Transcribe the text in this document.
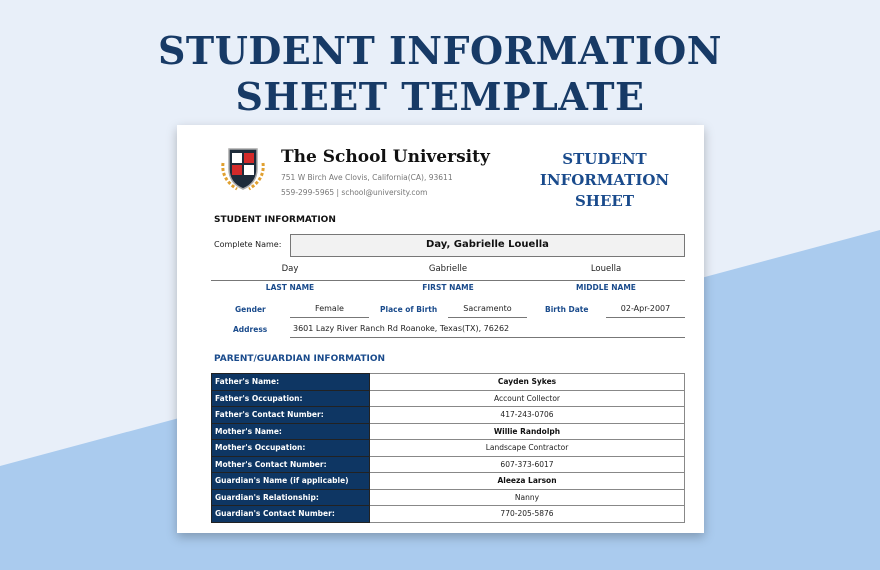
STUDENT INFORMATION
SHEET TEMPLATE
The School University
751 W Birch Ave Clovis, California(CA), 93611
559-299-5965 | school@university.com
STUDENT
INFORMATION
SHEET
STUDENT INFORMATION
Complete Name:	Day, Gabrielle Louella
Day	Gabrielle	Louella
LAST NAME	FIRST NAME	MIDDLE NAME
Gender	Female	Place of Birth	Sacramento	Birth Date	02-Apr-2007
Address	3601 Lazy River Ranch Rd Roanoke, Texas(TX), 76262
PARENT/GUARDIAN INFORMATION
Father's Name:	Cayden Sykes
Father's Occupation:	Account Collector
Father's Contact Number:	417-243-0706
Mother's Name:	Willie Randolph
Mother's Occupation:	Landscape Contractor
Mother's Contact Number:	607-373-6017
Guardian's Name (if applicable)	Aleeza Larson
Guardian's Relationship:	Nanny
Guardian's Contact Number:	770-205-5876
